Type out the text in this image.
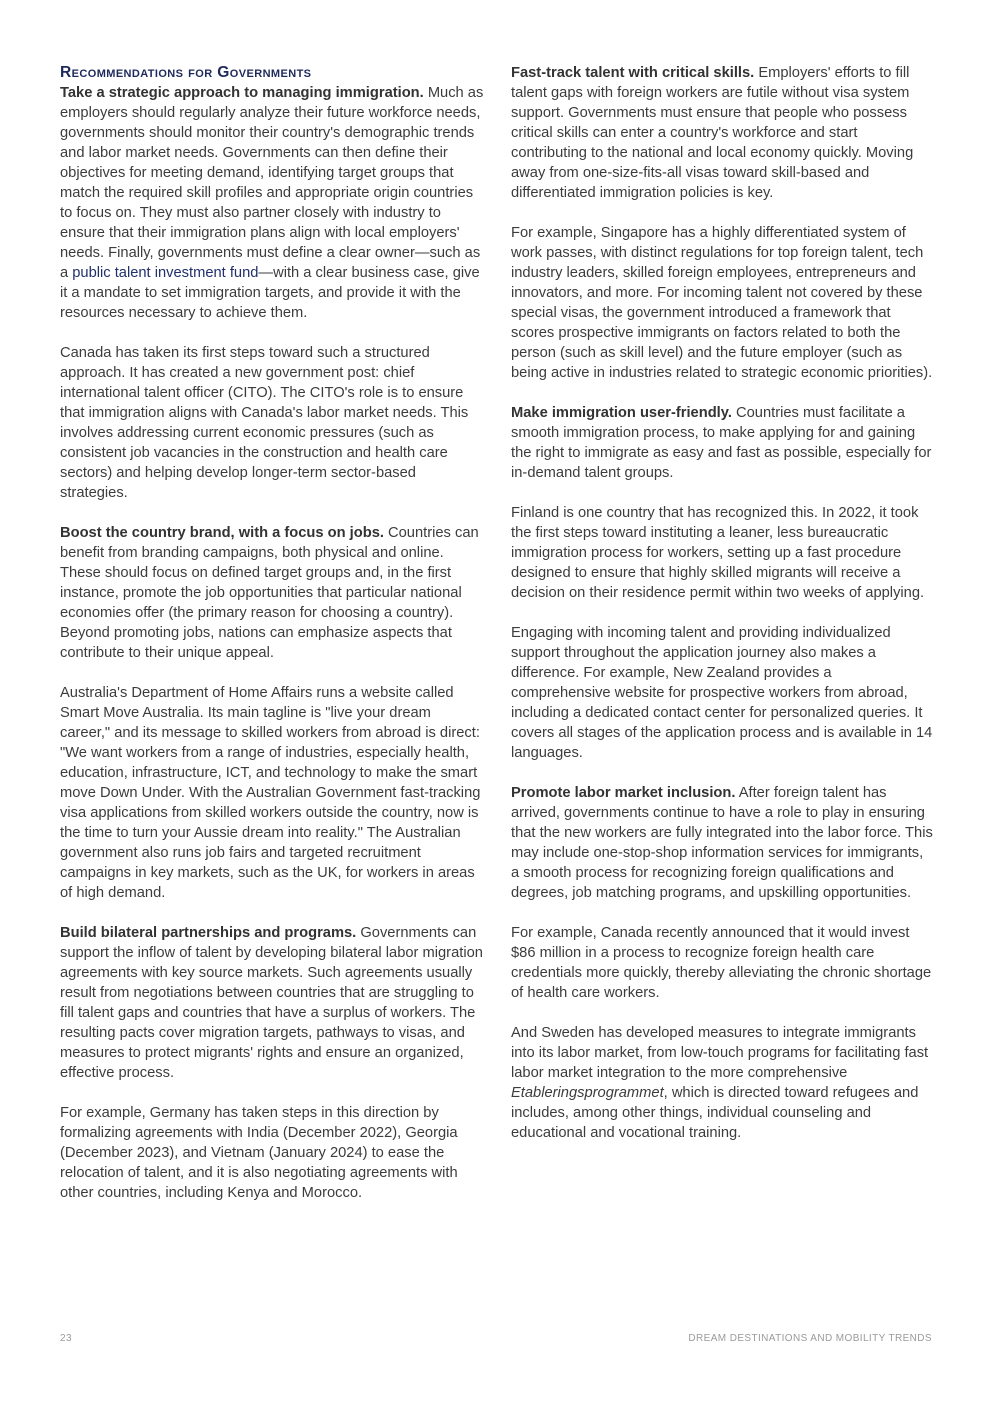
Recommendations for Governments

Take a strategic approach to managing immigration. Much as employers should regularly analyze their future workforce needs, governments should monitor their country's demographic trends and labor market needs. Governments can then define their objectives for meeting demand, identifying target groups that match the required skill profiles and appropriate origin countries to focus on. They must also partner closely with industry to ensure that their immigration plans align with local employers' needs. Finally, governments must define a clear owner—such as a public talent investment fund—with a clear business case, give it a mandate to set immigration targets, and provide it with the resources necessary to achieve them.

Canada has taken its first steps toward such a structured approach. It has created a new government post: chief international talent officer (CITO). The CITO's role is to ensure that immigration aligns with Canada's labor market needs. This involves addressing current economic pressures (such as consistent job vacancies in the construction and health care sectors) and helping develop longer-term sector-based strategies.

Boost the country brand, with a focus on jobs. Countries can benefit from branding campaigns, both physical and online. These should focus on defined target groups and, in the first instance, promote the job opportunities that particular national economies offer (the primary reason for choosing a country). Beyond promoting jobs, nations can emphasize aspects that contribute to their unique appeal.

Australia's Department of Home Affairs runs a website called Smart Move Australia. Its main tagline is "live your dream career," and its message to skilled workers from abroad is direct: "We want workers from a range of industries, especially health, education, infrastructure, ICT, and technology to make the smart move Down Under. With the Australian Government fast-tracking visa applications from skilled workers outside the country, now is the time to turn your Aussie dream into reality." The Australian government also runs job fairs and targeted recruitment campaigns in key markets, such as the UK, for workers in areas of high demand.

Build bilateral partnerships and programs. Governments can support the inflow of talent by developing bilateral labor migration agreements with key source markets. Such agreements usually result from negotiations between countries that are struggling to fill talent gaps and countries that have a surplus of workers. The resulting pacts cover migration targets, pathways to visas, and measures to protect migrants' rights and ensure an organized, effective process.

For example, Germany has taken steps in this direction by formalizing agreements with India (December 2022), Georgia (December 2023), and Vietnam (January 2024) to ease the relocation of talent, and it is also negotiating agreements with other countries, including Kenya and Morocco.

Fast-track talent with critical skills. Employers' efforts to fill talent gaps with foreign workers are futile without visa system support. Governments must ensure that people who possess critical skills can enter a country's workforce and start contributing to the national and local economy quickly. Moving away from one-size-fits-all visas toward skill-based and differentiated immigration policies is key.

For example, Singapore has a highly differentiated system of work passes, with distinct regulations for top foreign talent, tech industry leaders, skilled foreign employees, entrepreneurs and innovators, and more. For incoming talent not covered by these special visas, the government introduced a framework that scores prospective immigrants on factors related to both the person (such as skill level) and the future employer (such as being active in industries related to strategic economic priorities).

Make immigration user-friendly. Countries must facilitate a smooth immigration process, to make applying for and gaining the right to immigrate as easy and fast as possible, especially for in-demand talent groups.

Finland is one country that has recognized this. In 2022, it took the first steps toward instituting a leaner, less bureaucratic immigration process for workers, setting up a fast procedure designed to ensure that highly skilled migrants will receive a decision on their residence permit within two weeks of applying.

Engaging with incoming talent and providing individualized support throughout the application journey also makes a difference. For example, New Zealand provides a comprehensive website for prospective workers from abroad, including a dedicated contact center for personalized queries. It covers all stages of the application process and is available in 14 languages.

Promote labor market inclusion. After foreign talent has arrived, governments continue to have a role to play in ensuring that the new workers are fully integrated into the labor force. This may include one-stop-shop information services for immigrants, a smooth process for recognizing foreign qualifications and degrees, job matching programs, and upskilling opportunities.

For example, Canada recently announced that it would invest $86 million in a process to recognize foreign health care credentials more quickly, thereby alleviating the chronic shortage of health care workers.

And Sweden has developed measures to integrate immigrants into its labor market, from low-touch programs for facilitating fast labor market integration to the more comprehensive Etableringsprogrammet, which is directed toward refugees and includes, among other things, individual counseling and educational and vocational training.

23	DREAM DESTINATIONS AND MOBILITY TRENDS
